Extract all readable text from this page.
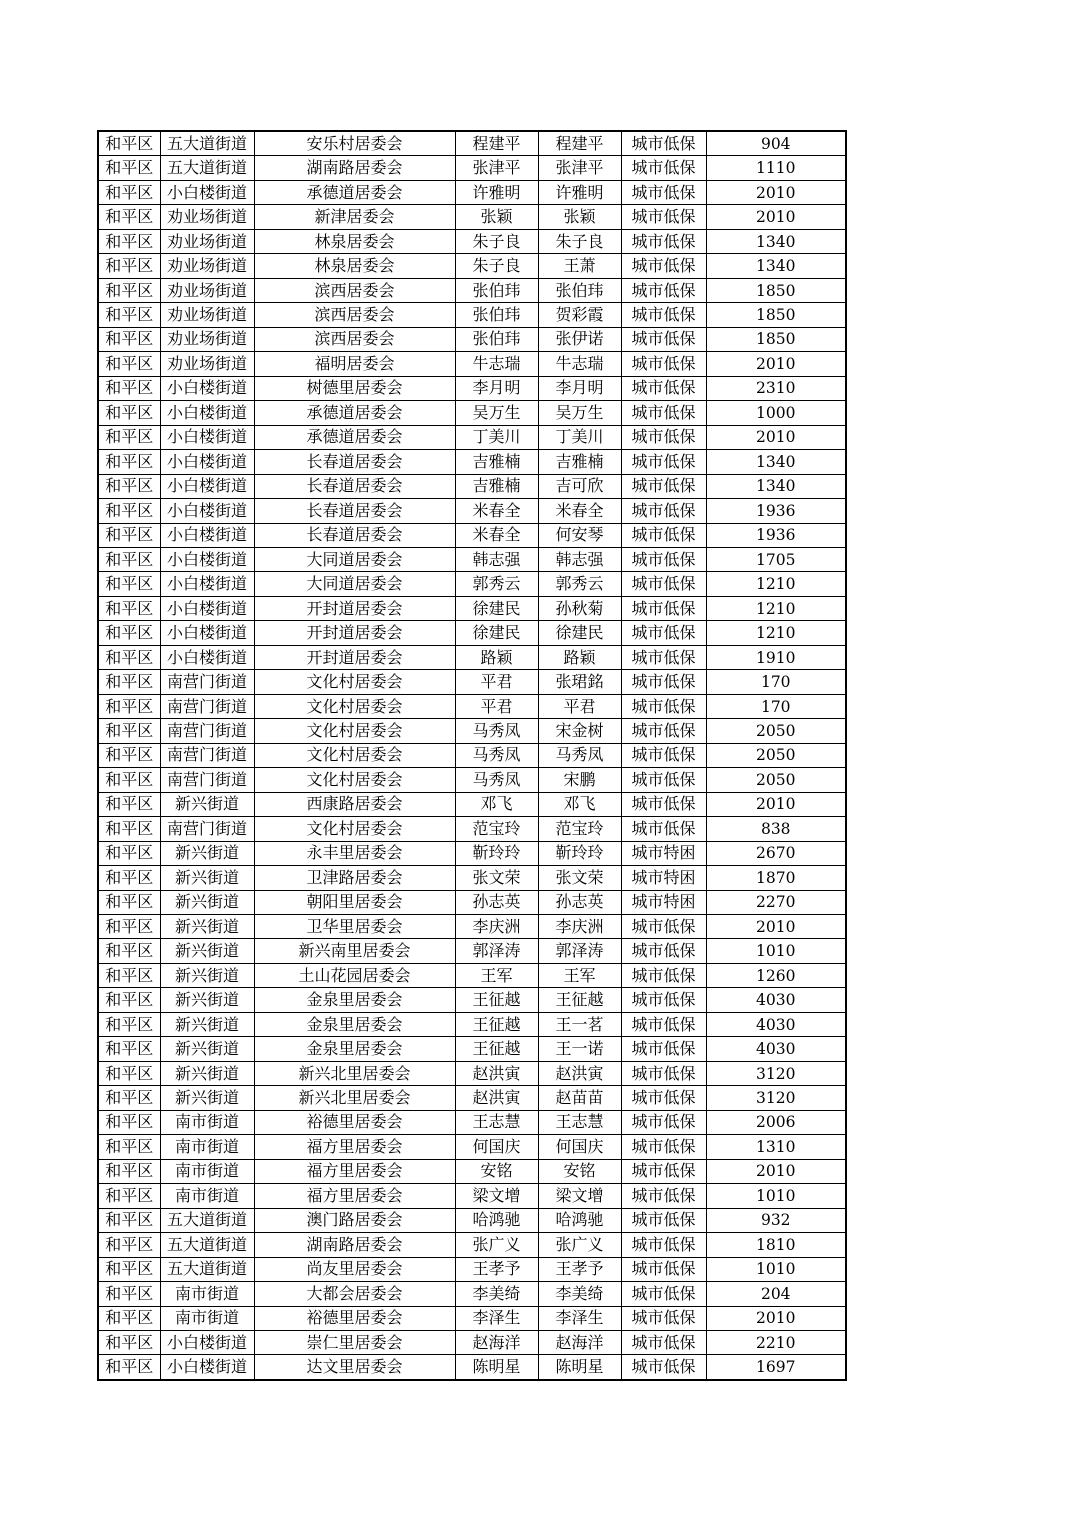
和平区	五大道街道	安乐村居委会	程建平	程建平	城市低保	904
和平区	五大道街道	湖南路居委会	张津平	张津平	城市低保	1110
和平区	小白楼街道	承德道居委会	许雅明	许雅明	城市低保	2010
和平区	劝业场街道	新津居委会	张颖	张颖	城市低保	2010
和平区	劝业场街道	林泉居委会	朱子良	朱子良	城市低保	1340
和平区	劝业场街道	林泉居委会	朱子良	王萧	城市低保	1340
和平区	劝业场街道	滨西居委会	张伯玮	张伯玮	城市低保	1850
和平区	劝业场街道	滨西居委会	张伯玮	贺彩霞	城市低保	1850
和平区	劝业场街道	滨西居委会	张伯玮	张伊诺	城市低保	1850
和平区	劝业场街道	福明居委会	牛志瑞	牛志瑞	城市低保	2010
和平区	小白楼街道	树德里居委会	李月明	李月明	城市低保	2310
和平区	小白楼街道	承德道居委会	吴万生	吴万生	城市低保	1000
和平区	小白楼街道	承德道居委会	丁美川	丁美川	城市低保	2010
和平区	小白楼街道	长春道居委会	吉雅楠	吉雅楠	城市低保	1340
和平区	小白楼街道	长春道居委会	吉雅楠	吉可欣	城市低保	1340
和平区	小白楼街道	长春道居委会	米春全	米春全	城市低保	1936
和平区	小白楼街道	长春道居委会	米春全	何安琴	城市低保	1936
和平区	小白楼街道	大同道居委会	韩志强	韩志强	城市低保	1705
和平区	小白楼街道	大同道居委会	郭秀云	郭秀云	城市低保	1210
和平区	小白楼街道	开封道居委会	徐建民	孙秋菊	城市低保	1210
和平区	小白楼街道	开封道居委会	徐建民	徐建民	城市低保	1210
和平区	小白楼街道	开封道居委会	路颖	路颖	城市低保	1910
和平区	南营门街道	文化村居委会	平君	张珺銘	城市低保	170
和平区	南营门街道	文化村居委会	平君	平君	城市低保	170
和平区	南营门街道	文化村居委会	马秀凤	宋金树	城市低保	2050
和平区	南营门街道	文化村居委会	马秀凤	马秀凤	城市低保	2050
和平区	南营门街道	文化村居委会	马秀凤	宋鹏	城市低保	2050
和平区	新兴街道	西康路居委会	邓飞	邓飞	城市低保	2010
和平区	南营门街道	文化村居委会	范宝玲	范宝玲	城市低保	838
和平区	新兴街道	永丰里居委会	靳玲玲	靳玲玲	城市特困	2670
和平区	新兴街道	卫津路居委会	张文荣	张文荣	城市特困	1870
和平区	新兴街道	朝阳里居委会	孙志英	孙志英	城市特困	2270
和平区	新兴街道	卫华里居委会	李庆洲	李庆洲	城市低保	2010
和平区	新兴街道	新兴南里居委会	郭泽涛	郭泽涛	城市低保	1010
和平区	新兴街道	土山花园居委会	王军	王军	城市低保	1260
和平区	新兴街道	金泉里居委会	王征越	王征越	城市低保	4030
和平区	新兴街道	金泉里居委会	王征越	王一茗	城市低保	4030
和平区	新兴街道	金泉里居委会	王征越	王一诺	城市低保	4030
和平区	新兴街道	新兴北里居委会	赵洪寅	赵洪寅	城市低保	3120
和平区	新兴街道	新兴北里居委会	赵洪寅	赵苗苗	城市低保	3120
和平区	南市街道	裕德里居委会	王志慧	王志慧	城市低保	2006
和平区	南市街道	福方里居委会	何国庆	何国庆	城市低保	1310
和平区	南市街道	福方里居委会	安铭	安铭	城市低保	2010
和平区	南市街道	福方里居委会	梁文增	梁文增	城市低保	1010
和平区	五大道街道	澳门路居委会	哈鸿驰	哈鸿驰	城市低保	932
和平区	五大道街道	湖南路居委会	张广义	张广义	城市低保	1810
和平区	五大道街道	尚友里居委会	王孝予	王孝予	城市低保	1010
和平区	南市街道	大都会居委会	李美绮	李美绮	城市低保	204
和平区	南市街道	裕德里居委会	李泽生	李泽生	城市低保	2010
和平区	小白楼街道	崇仁里居委会	赵海洋	赵海洋	城市低保	2210
和平区	小白楼街道	达文里居委会	陈明星	陈明星	城市低保	1697
